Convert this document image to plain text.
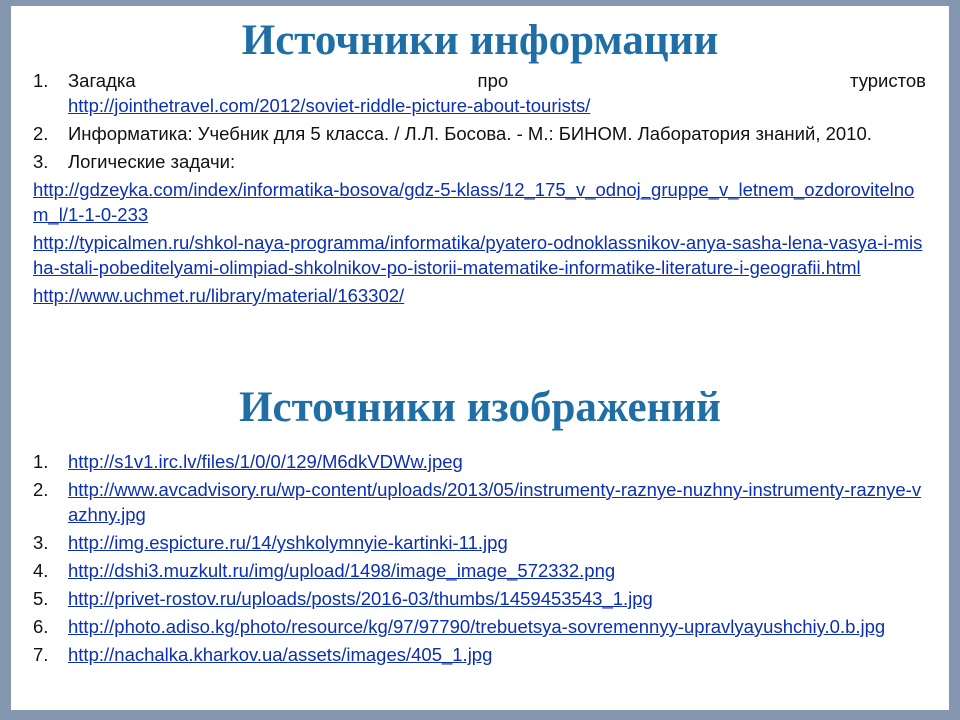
Источники информации
1.	Загадка про туристов
http://jointhetravel.com/2012/soviet-riddle-picture-about-tourists/
2.	Информатика: Учебник для 5 класса. / Л.Л. Босова. - М.: БИНОМ. Лаборатория знаний, 2010.
3.	Логические задачи:
http://gdzeyka.com/index/informatika-bosova/gdz-5-klass/12_175_v_odnoj_gruppe_v_letnem_ozdorovitelnom_l/1-1-0-233
http://typicalmen.ru/shkol-naya-programma/informatika/pyatero-odnoklassnikov-anya-sasha-lena-vasya-i-misha-stali-pobeditelyami-olimpiad-shkolnikov-po-istorii-matematike-informatike-literature-i-geografii.html
http://www.uchmet.ru/library/material/163302/
Источники изображений
1.	http://s1v1.irc.lv/files/1/0/0/129/M6dkVDWw.jpeg
2.	http://www.avcadvisory.ru/wp-content/uploads/2013/05/instrumenty-raznye-nuzhny-instrumenty-raznye-vazhny.jpg
3.	http://img.espicture.ru/14/yshkolymnyie-kartinki-11.jpg
4.	http://dshi3.muzkult.ru/img/upload/1498/image_image_572332.png
5.	http://privet-rostov.ru/uploads/posts/2016-03/thumbs/1459453543_1.jpg
6.	http://photo.adiso.kg/photo/resource/kg/97/97790/trebuetsya-sovremennyy-upravlyayushchiy.0.b.jpg
7.	http://nachalka.kharkov.ua/assets/images/405_1.jpg
